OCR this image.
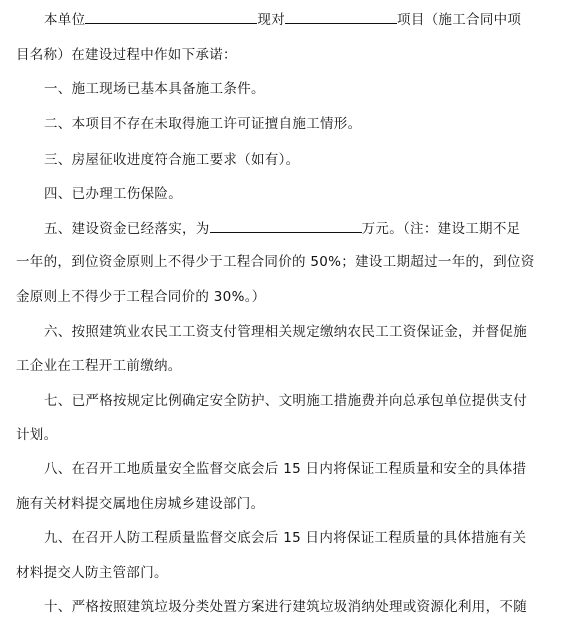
本单位	现对	项目（施工合同中项
目名称）在建设过程中作如下承诺：
一、施工现场已基本具备施工条件。
二、本项目不存在未取得施工许可证擅自施工情形。
三、房屋征收进度符合施工要求（如有）。
四、已办理工伤保险。
五、建设资金已经落实，为	万元。（注：建设工期不足
一年的，到位资金原则上不得少于工程合同价的 50%；建设工期超过一年的，到位资
金原则上不得少于工程合同价的 30%。）
六、按照建筑业农民工工资支付管理相关规定缴纳农民工工资保证金，并督促施
工企业在工程开工前缴纳。
七、已严格按规定比例确定安全防护、文明施工措施费并向总承包单位提供支付
计划。
八、在召开工地质量安全监督交底会后 15 日内将保证工程质量和安全的具体措
施有关材料提交属地住房城乡建设部门。
九、在召开人防工程质量监督交底会后 15 日内将保证工程质量的具体措施有关
材料提交人防主管部门。
十、严格按照建筑垃圾分类处置方案进行建筑垃圾消纳处理或资源化利用，不随
